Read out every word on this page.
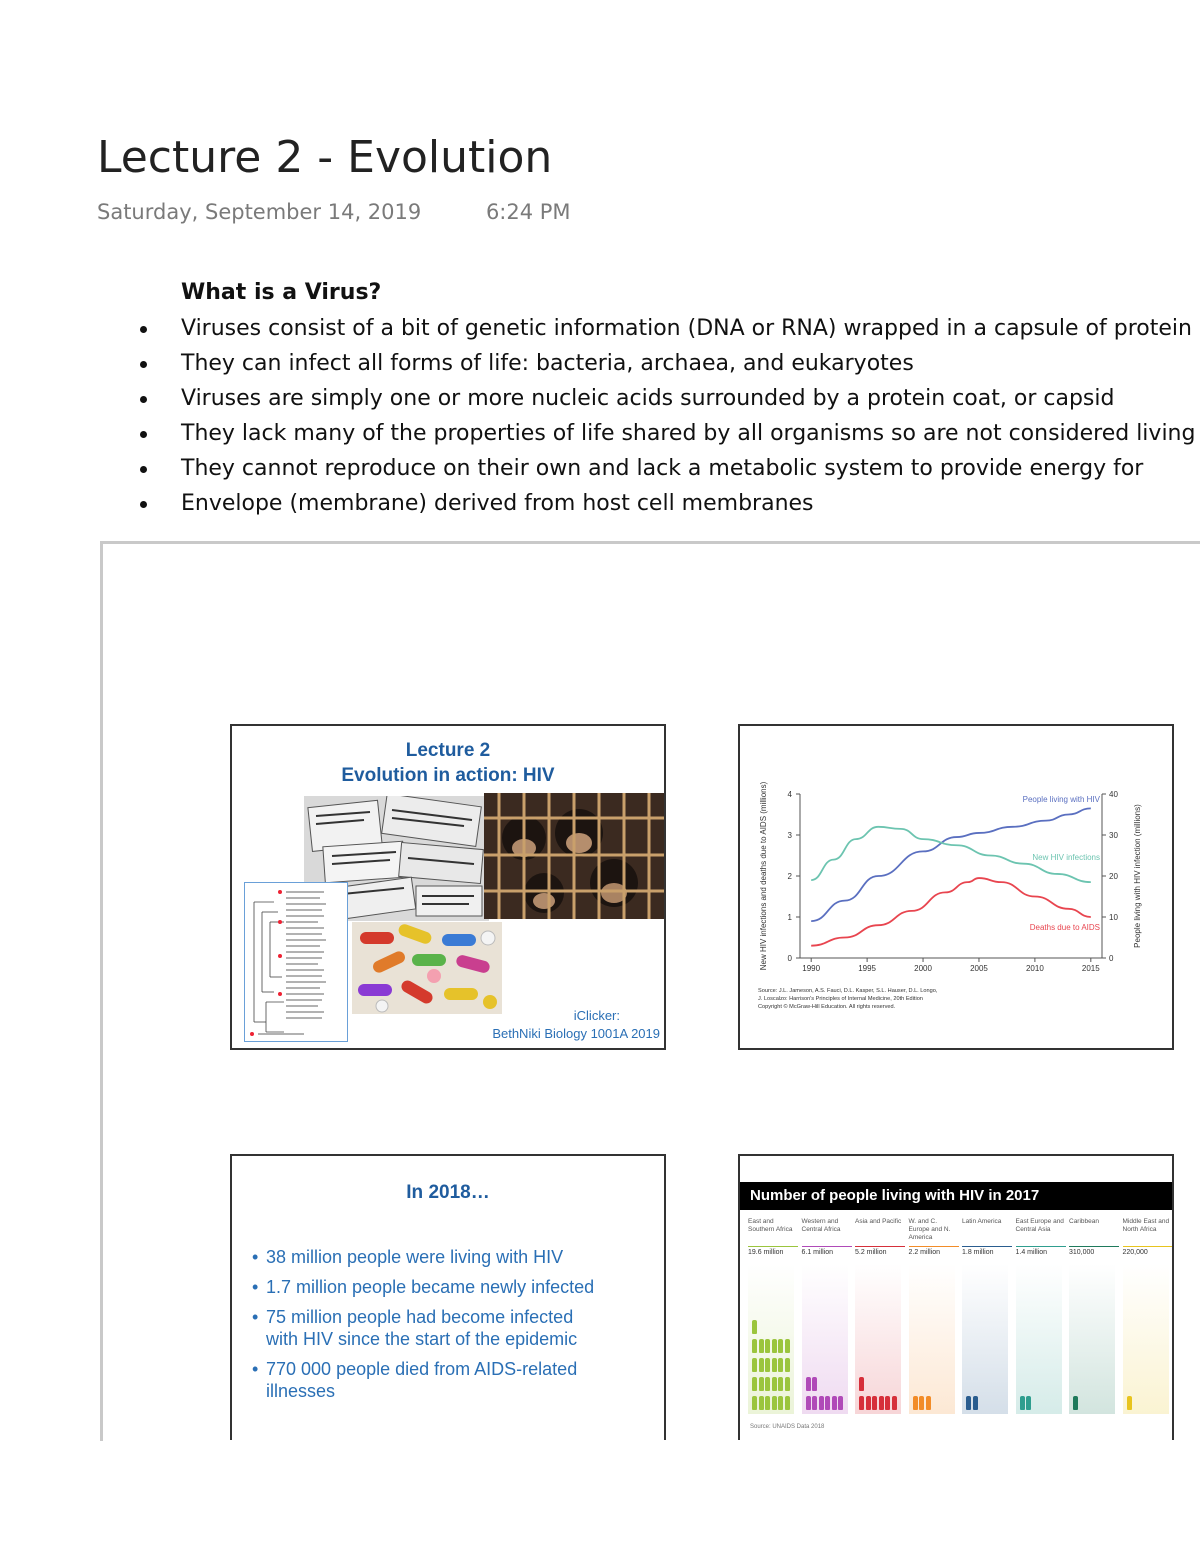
Lecture 2 - Evolution
Saturday, September 14, 2019	6:24 PM
What is a Virus?
Viruses consist of a bit of genetic information (DNA or RNA) wrapped in a capsule of protein
They can infect all forms of life: bacteria, archaea, and eukaryotes
Viruses are simply one or more nucleic acids surrounded by a protein coat, or capsid
They lack many of the properties of life shared by all organisms so are not considered living
They cannot reproduce on their own and lack a metabolic system to provide energy for
Envelope (membrane) derived from host cell membranes
Lecture 2
Evolution in action: HIV
iClicker:
BethNiki Biology 1001A 2019
0
1
2
3
4
0
10
20
30
40
1990	1995	2000	2005	2010	2015
New HIV infections and deaths due to AIDS (millions)	People living with HIV infection (millions)
People living with HIV
New HIV infections
Deaths due to AIDS
Source: J.L. Jameson, A.S. Fauci, D.L. Kasper, S.L. Hauser, D.L. Longo,
J. Loscalzo: Harrison's Principles of Internal Medicine, 20th Edition
Copyright © McGraw-Hill Education. All rights reserved.
In 2018…
• 38 million people were living with HIV
• 1.7 million people became newly infected
• 75 million people had become infected
with HIV since the start of the epidemic
• 770 000 people died from AIDS-related
illnesses
Number of people living with HIV in 2017
East and Southern Africa
19.6 million
Western and Central Africa
6.1 million
Asia and Pacific
5.2 million
W. and C. Europe and N. America
2.2 million
Latin America
1.8 million
East Europe and Central Asia
1.4 million
Caribbean
310,000
Middle East and North Africa
220,000
Source: UNAIDS Data 2018
